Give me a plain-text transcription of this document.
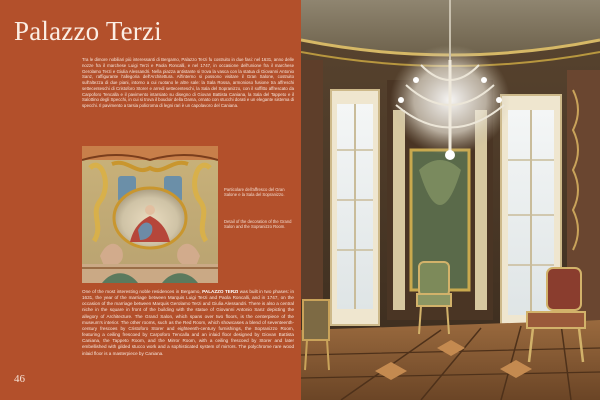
Palazzo Terzi
Tra le dimore nobiliari più interessanti di Bergamo, Palazzo Terzi fu costruito in due fasi: nel 1631, anno delle nozze fra il marchese Luigi Terzi e Paola Roncalli, e nel 1747, in occasione dell'unione fra il marchese Gerolamo Terzi e Giulia Alessandri. Nella piazza antistante si trova la vasca con la statua di Giovanni Antonio Sanz, raffigurante l'allegoria dell'Architettura. All'interno si possono visitare il Gran Salone, costruito sull'altezza di due piani, intorno a cui ruotano le altre sale: la Sala Rossa, armonioso fusione tra affreschi settecenteschi di Cristoforo Storer e arredi settecenteschi, la Sala del Sopranizzo, con il soffitto affrescato da Carpoforo Tencalla e il pavimento intarsiato su disegno di Giovan Battista Caniana, la Sala del Tappeto e il Salottino degli Specchi, in cui si trova il boudoir della Dama, ornato con stucchi dorati e un elegante sistema di specchi. Il pavimento a tarsia policroma di legni rari è un capolavoro del Caniana.
Particolare dell'affresco del Gran Salone e la Sala del Sopranizzo.
Detail of the decoration of the Grand Salon and the Sopranizzo Room.
One of the most interesting noble residences in Bergamo, PALAZZO TERZI was built in two phases: in 1631, the year of the marriage between Marquis Luigi Terzi and Paola Roncalli, and in 1747, on the occasion of the marriage between Marquis Gerolamo Terzi and Giulia Alessandri. There is also a central niche in the square in front of the building with the statue of Giovanni Antonio Sanz depicting the allegory of Architecture. The Grand Salon, which spans over two floors, is the centerpiece of the museum's interior. The other rooms, such as the Red Room, which showcases a blend of seventeenth-century frescoes by Cristoforo Storer and eighteenth-century furnishings, the Sopranizzo Room, featuring a ceiling frescoed by Carpoforo Tencalla and an inlaid floor designed by Giovan Battista Caniana, the Tappeto Room, and the Mirror Room, with a ceiling frescoed by Storer and later embellished with gilded stucco work and a sophisticated system of mirrors. The polychrome rare wood inlaid floor is a masterpiece by Caniana.
46
